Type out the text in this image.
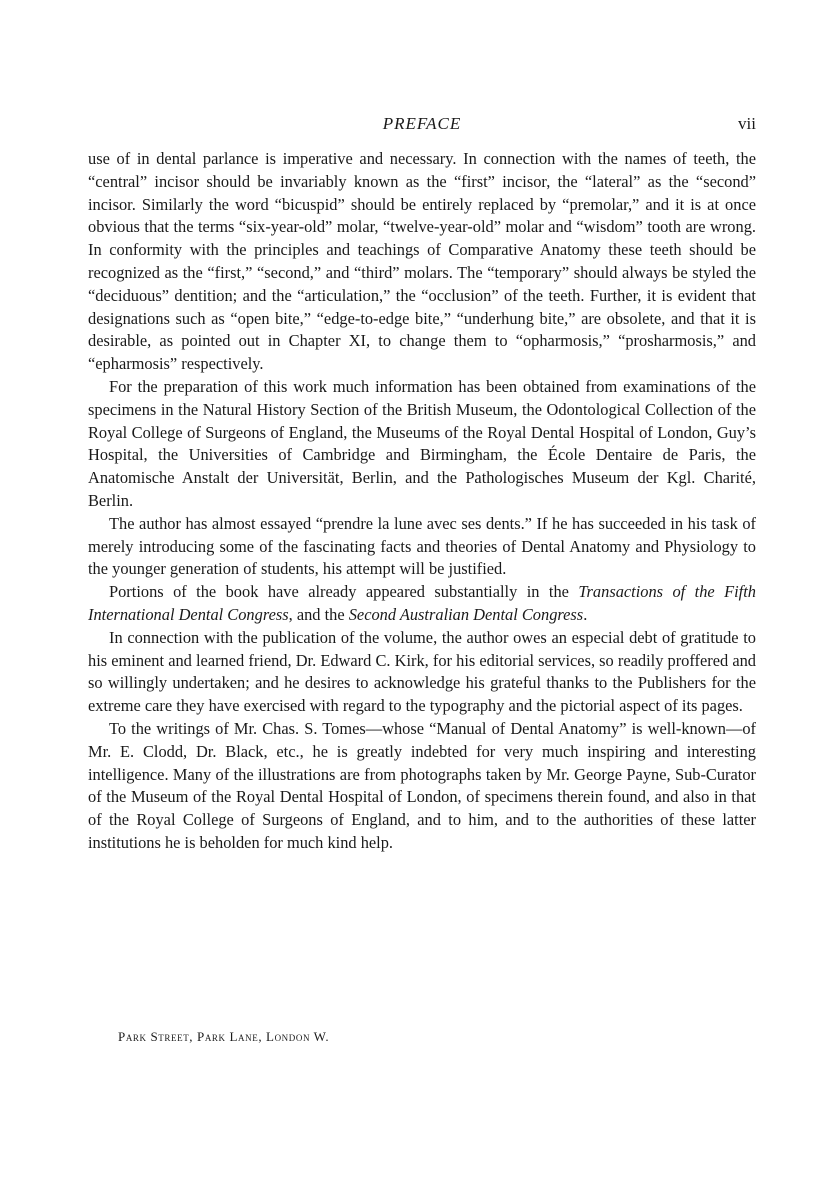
PREFACE	vii

use of in dental parlance is imperative and necessary. In connection with the names of teeth, the “central” incisor should be invariably known as the “first” incisor, the “lateral” as the “second” incisor. Similarly the word “bicuspid” should be entirely replaced by “premolar,” and it is at once obvious that the terms “six-year-old” molar, “twelve-year-old” molar and “wisdom” tooth are wrong. In conformity with the principles and teachings of Comparative Anatomy these teeth should be recognized as the “first,” “second,” and “third” molars. The “temporary” should always be styled the “deciduous” dentition; and the “articulation,” the “occlusion” of the teeth. Further, it is evident that designations such as “open bite,” “edge-to-edge bite,” “underhung bite,” are obsolete, and that it is desirable, as pointed out in Chapter XI, to change them to “opharmosis,” “prosharmosis,” and “epharmosis” respectively.

For the preparation of this work much information has been obtained from examinations of the specimens in the Natural History Section of the British Museum, the Odontological Collection of the Royal College of Surgeons of England, the Museums of the Royal Dental Hospital of London, Guy’s Hospital, the Universities of Cambridge and Birmingham, the École Dentaire de Paris, the Anatomische Anstalt der Universität, Berlin, and the Pathologisches Museum der Kgl. Charité, Berlin.

The author has almost essayed “prendre la lune avec ses dents.” If he has succeeded in his task of merely introducing some of the fascinating facts and theories of Dental Anatomy and Physiology to the younger generation of students, his attempt will be justified.

Portions of the book have already appeared substantially in the Transactions of the Fifth International Dental Congress, and the Second Australian Dental Congress.

In connection with the publication of the volume, the author owes an especial debt of gratitude to his eminent and learned friend, Dr. Edward C. Kirk, for his editorial services, so readily proffered and so willingly undertaken; and he desires to acknowledge his grateful thanks to the Publishers for the extreme care they have exercised with regard to the typography and the pictorial aspect of its pages.

To the writings of Mr. Chas. S. Tomes—whose “Manual of Dental Anatomy” is well-known—of Mr. E. Clodd, Dr. Black, etc., he is greatly indebted for very much inspiring and interesting intelligence. Many of the illustrations are from photographs taken by Mr. George Payne, Sub-Curator of the Museum of the Royal Dental Hospital of London, of specimens therein found, and also in that of the Royal College of Surgeons of England, and to him, and to the authorities of these latter institutions he is beholden for much kind help.

Park Street, Park Lane, London W.
